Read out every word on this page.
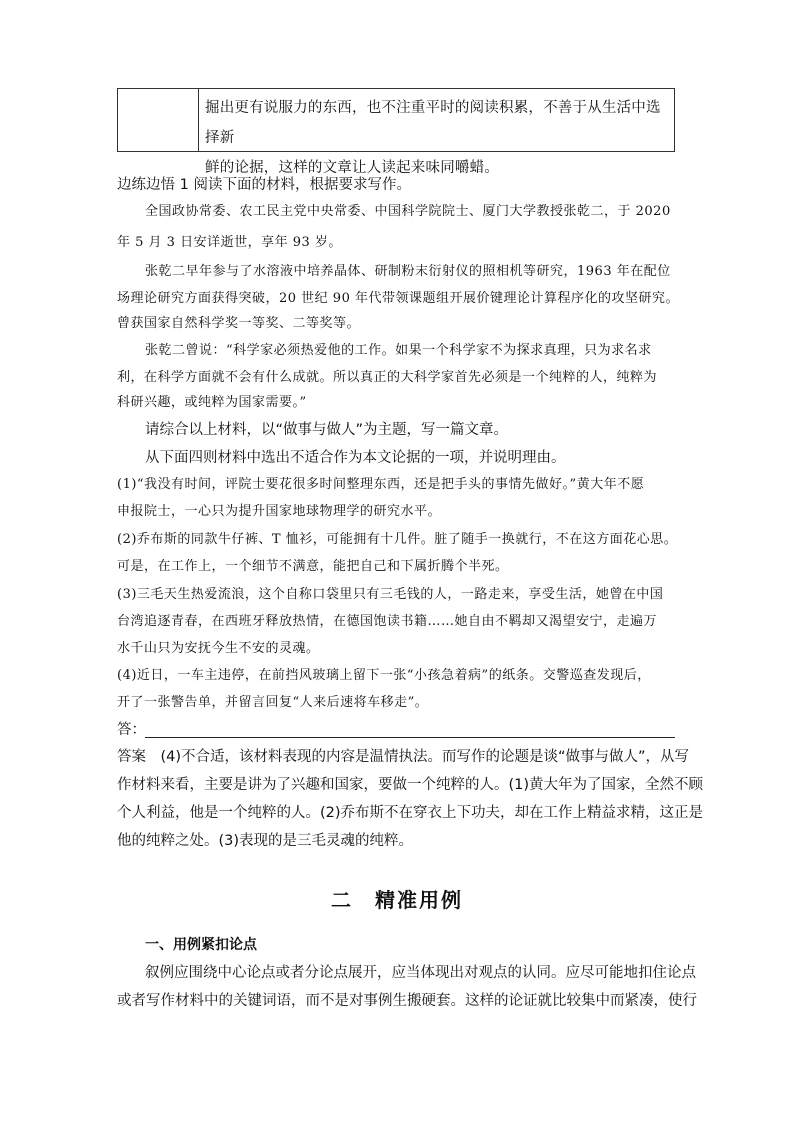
掘出更有说服力的东西，也不注重平时的阅读积累，不善于从生活中选择新
鲜的论据，这样的文章让人读起来味同嚼蜡。
边练边悟 1 阅读下面的材料，根据要求写作。
全国政协常委、农工民主党中央常委、中国科学院院士、厦门大学教授张乾二，于 2020
年 5 月 3 日安详逝世，享年 93 岁。
张乾二早年参与了水溶液中培养晶体、研制粉末衍射仪的照相机等研究，1963 年在配位
场理论研究方面获得突破，20 世纪 90 年代带领课题组开展价键理论计算程序化的攻坚研究。
曾获国家自然科学奖一等奖、二等奖等。
张乾二曾说：“科学家必须热爱他的工作。如果一个科学家不为探求真理，只为求名求
利，在科学方面就不会有什么成就。所以真正的大科学家首先必须是一个纯粹的人，纯粹为
科研兴趣，或纯粹为国家需要。”
请综合以上材料，以“做事与做人”为主题，写一篇文章。
从下面四则材料中选出不适合作为本文论据的一项，并说明理由。
(1)“我没有时间，评院士要花很多时间整理东西，还是把手头的事情先做好。”黄大年不愿
申报院士，一心只为提升国家地球物理学的研究水平。
(2)乔布斯的同款牛仔裤、T 恤衫，可能拥有十几件。脏了随手一换就行，不在这方面花心思。
可是，在工作上，一个细节不满意，能把自己和下属折腾个半死。
(3)三毛天生热爱流浪，这个自称口袋里只有三毛钱的人，一路走来，享受生活，她曾在中国
台湾追逐青春，在西班牙释放热情，在德国饱读书籍……她自由不羁却又渴望安宁，走遍万
水千山只为安抚今生不安的灵魂。
(4)近日，一车主违停，在前挡风玻璃上留下一张“小孩急着病”的纸条。交警巡查发现后，
开了一张警告单，并留言回复“人来后速将车移走”。
答：
答案　(4)不合适，该材料表现的内容是温情执法。而写作的论题是谈“做事与做人”，从写
作材料来看，主要是讲为了兴趣和国家，要做一个纯粹的人。(1)黄大年为了国家，全然不顾
个人利益，他是一个纯粹的人。(2)乔布斯不在穿衣上下功夫，却在工作上精益求精，这正是
他的纯粹之处。(3)表现的是三毛灵魂的纯粹。
二　精准用例
一、用例紧扣论点
叙例应围绕中心论点或者分论点展开，应当体现出对观点的认同。应尽可能地扣住论点
或者写作材料中的关键词语，而不是对事例生搬硬套。这样的论证就比较集中而紧凑，使行
